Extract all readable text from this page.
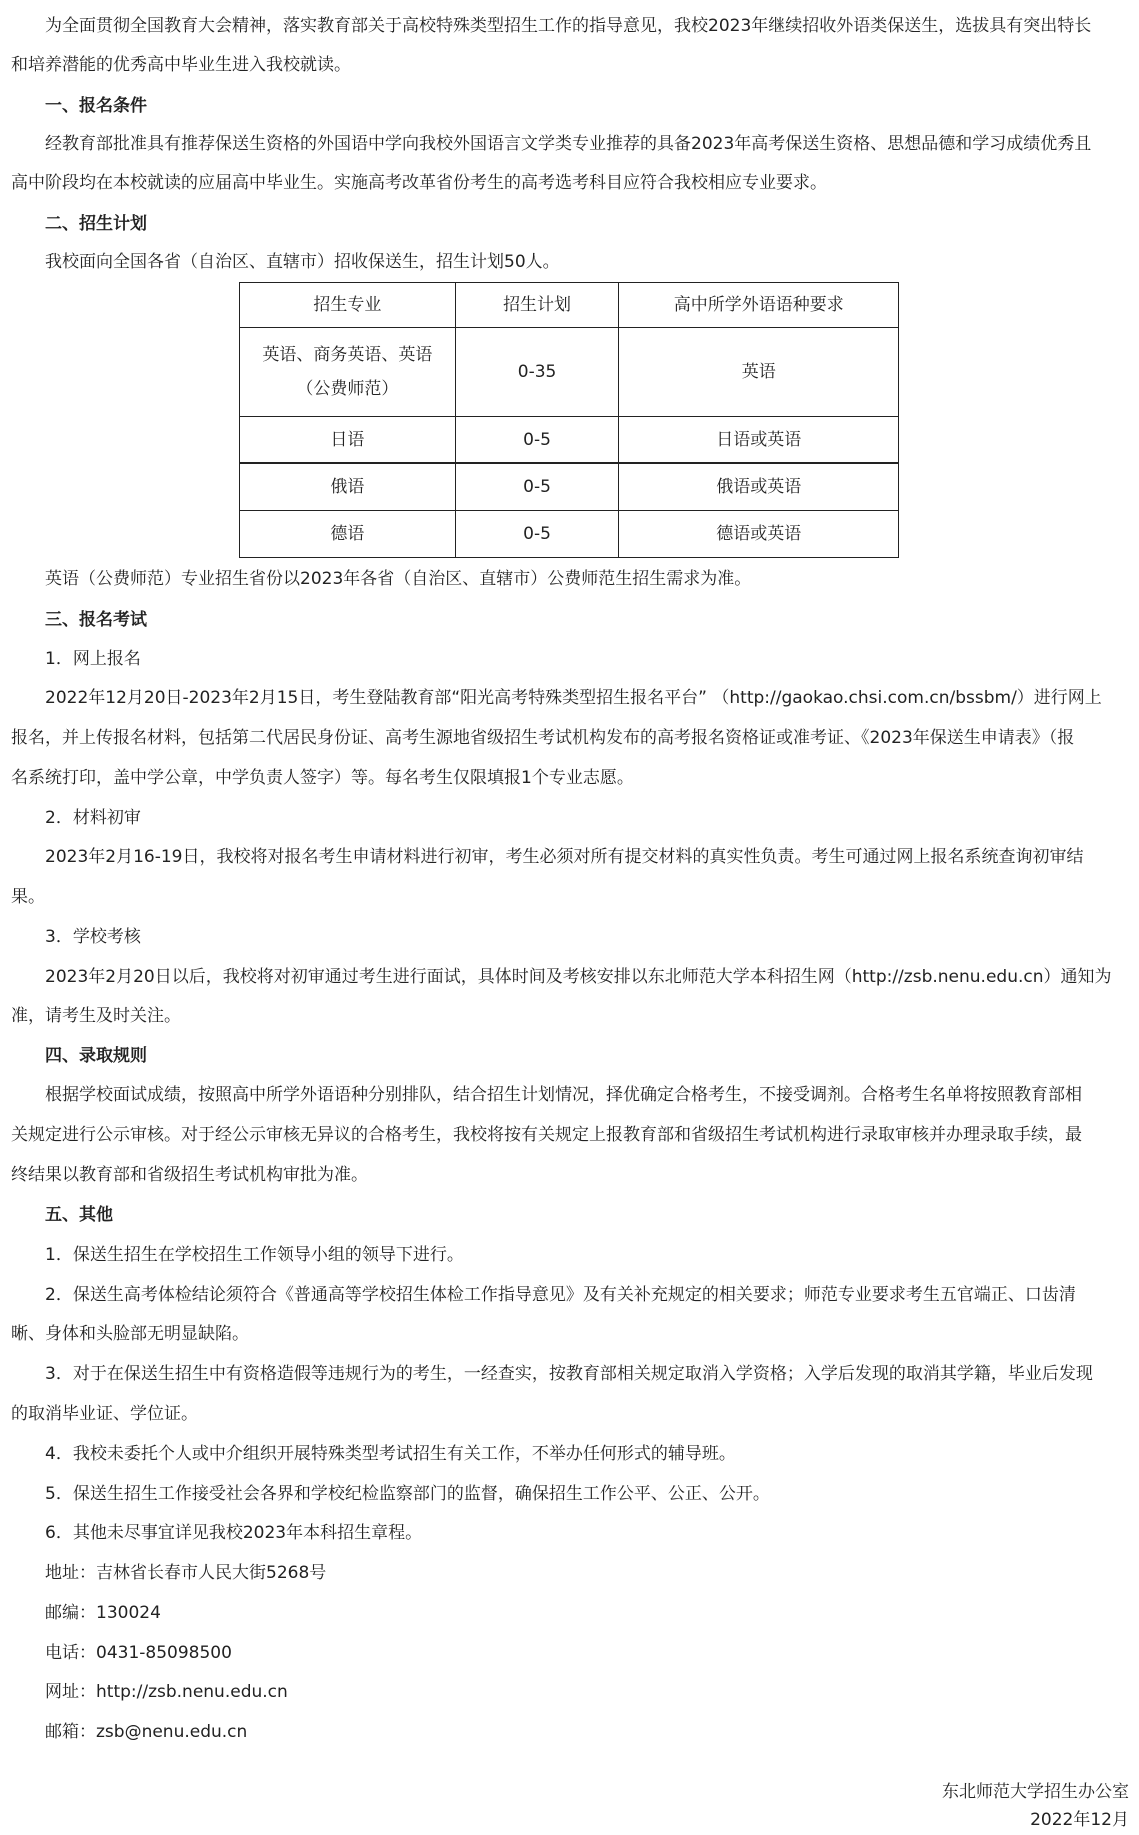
为全面贯彻全国教育大会精神，落实教育部关于高校特殊类型招生工作的指导意见，我校2023年继续招收外语类保送生，选拔具有突出特长
和培养潜能的优秀高中毕业生进入我校就读。
一、报名条件
经教育部批准具有推荐保送生资格的外国语中学向我校外国语言文学类专业推荐的具备2023年高考保送生资格、思想品德和学习成绩优秀且
高中阶段均在本校就读的应届高中毕业生。实施高考改革省份考生的高考选考科目应符合我校相应专业要求。
二、招生计划
我校面向全国各省（自治区、直辖市）招收保送生，招生计划50人。
招生专业	招生计划	高中所学外语语种要求

英语、商务英语、英语
（公费师范）	0-35	英语
日语	0-5	日语或英语
俄语	0-5	俄语或英语
德语	0-5	德语或英语
英语（公费师范）专业招生省份以2023年各省（自治区、直辖市）公费师范生招生需求为准。
三、报名考试
1．网上报名
2022年12月20日-2023年2月15日，考生登陆教育部“阳光高考特殊类型招生报名平台” （http://gaokao.chsi.com.cn/bssbm/）进行网上
报名，并上传报名材料，包括第二代居民身份证、高考生源地省级招生考试机构发布的高考报名资格证或准考证、《2023年保送生申请表》（报
名系统打印，盖中学公章，中学负责人签字）等。每名考生仅限填报1个专业志愿。
2．材料初审
2023年2月16-19日，我校将对报名考生申请材料进行初审，考生必须对所有提交材料的真实性负责。考生可通过网上报名系统查询初审结
果。
3．学校考核
2023年2月20日以后，我校将对初审通过考生进行面试，具体时间及考核安排以东北师范大学本科招生网（http://zsb.nenu.edu.cn）通知为
准，请考生及时关注。
四、录取规则
根据学校面试成绩，按照高中所学外语语种分别排队，结合招生计划情况，择优确定合格考生，不接受调剂。合格考生名单将按照教育部相
关规定进行公示审核。对于经公示审核无异议的合格考生，我校将按有关规定上报教育部和省级招生考试机构进行录取审核并办理录取手续，最
终结果以教育部和省级招生考试机构审批为准。
五、其他
1．保送生招生在学校招生工作领导小组的领导下进行。
2．保送生高考体检结论须符合《普通高等学校招生体检工作指导意见》及有关补充规定的相关要求；师范专业要求考生五官端正、口齿清
晰、身体和头脸部无明显缺陷。
3．对于在保送生招生中有资格造假等违规行为的考生，一经查实，按教育部相关规定取消入学资格；入学后发现的取消其学籍，毕业后发现
的取消毕业证、学位证。
4．我校未委托个人或中介组织开展特殊类型考试招生有关工作，不举办任何形式的辅导班。
5．保送生招生工作接受社会各界和学校纪检监察部门的监督，确保招生工作公平、公正、公开。
6．其他未尽事宜详见我校2023年本科招生章程。
地址：吉林省长春市人民大街5268号
邮编：130024
电话：0431-85098500
网址：http://zsb.nenu.edu.cn
邮箱：zsb@nenu.edu.cn
东北师范大学招生办公室
2022年12月
